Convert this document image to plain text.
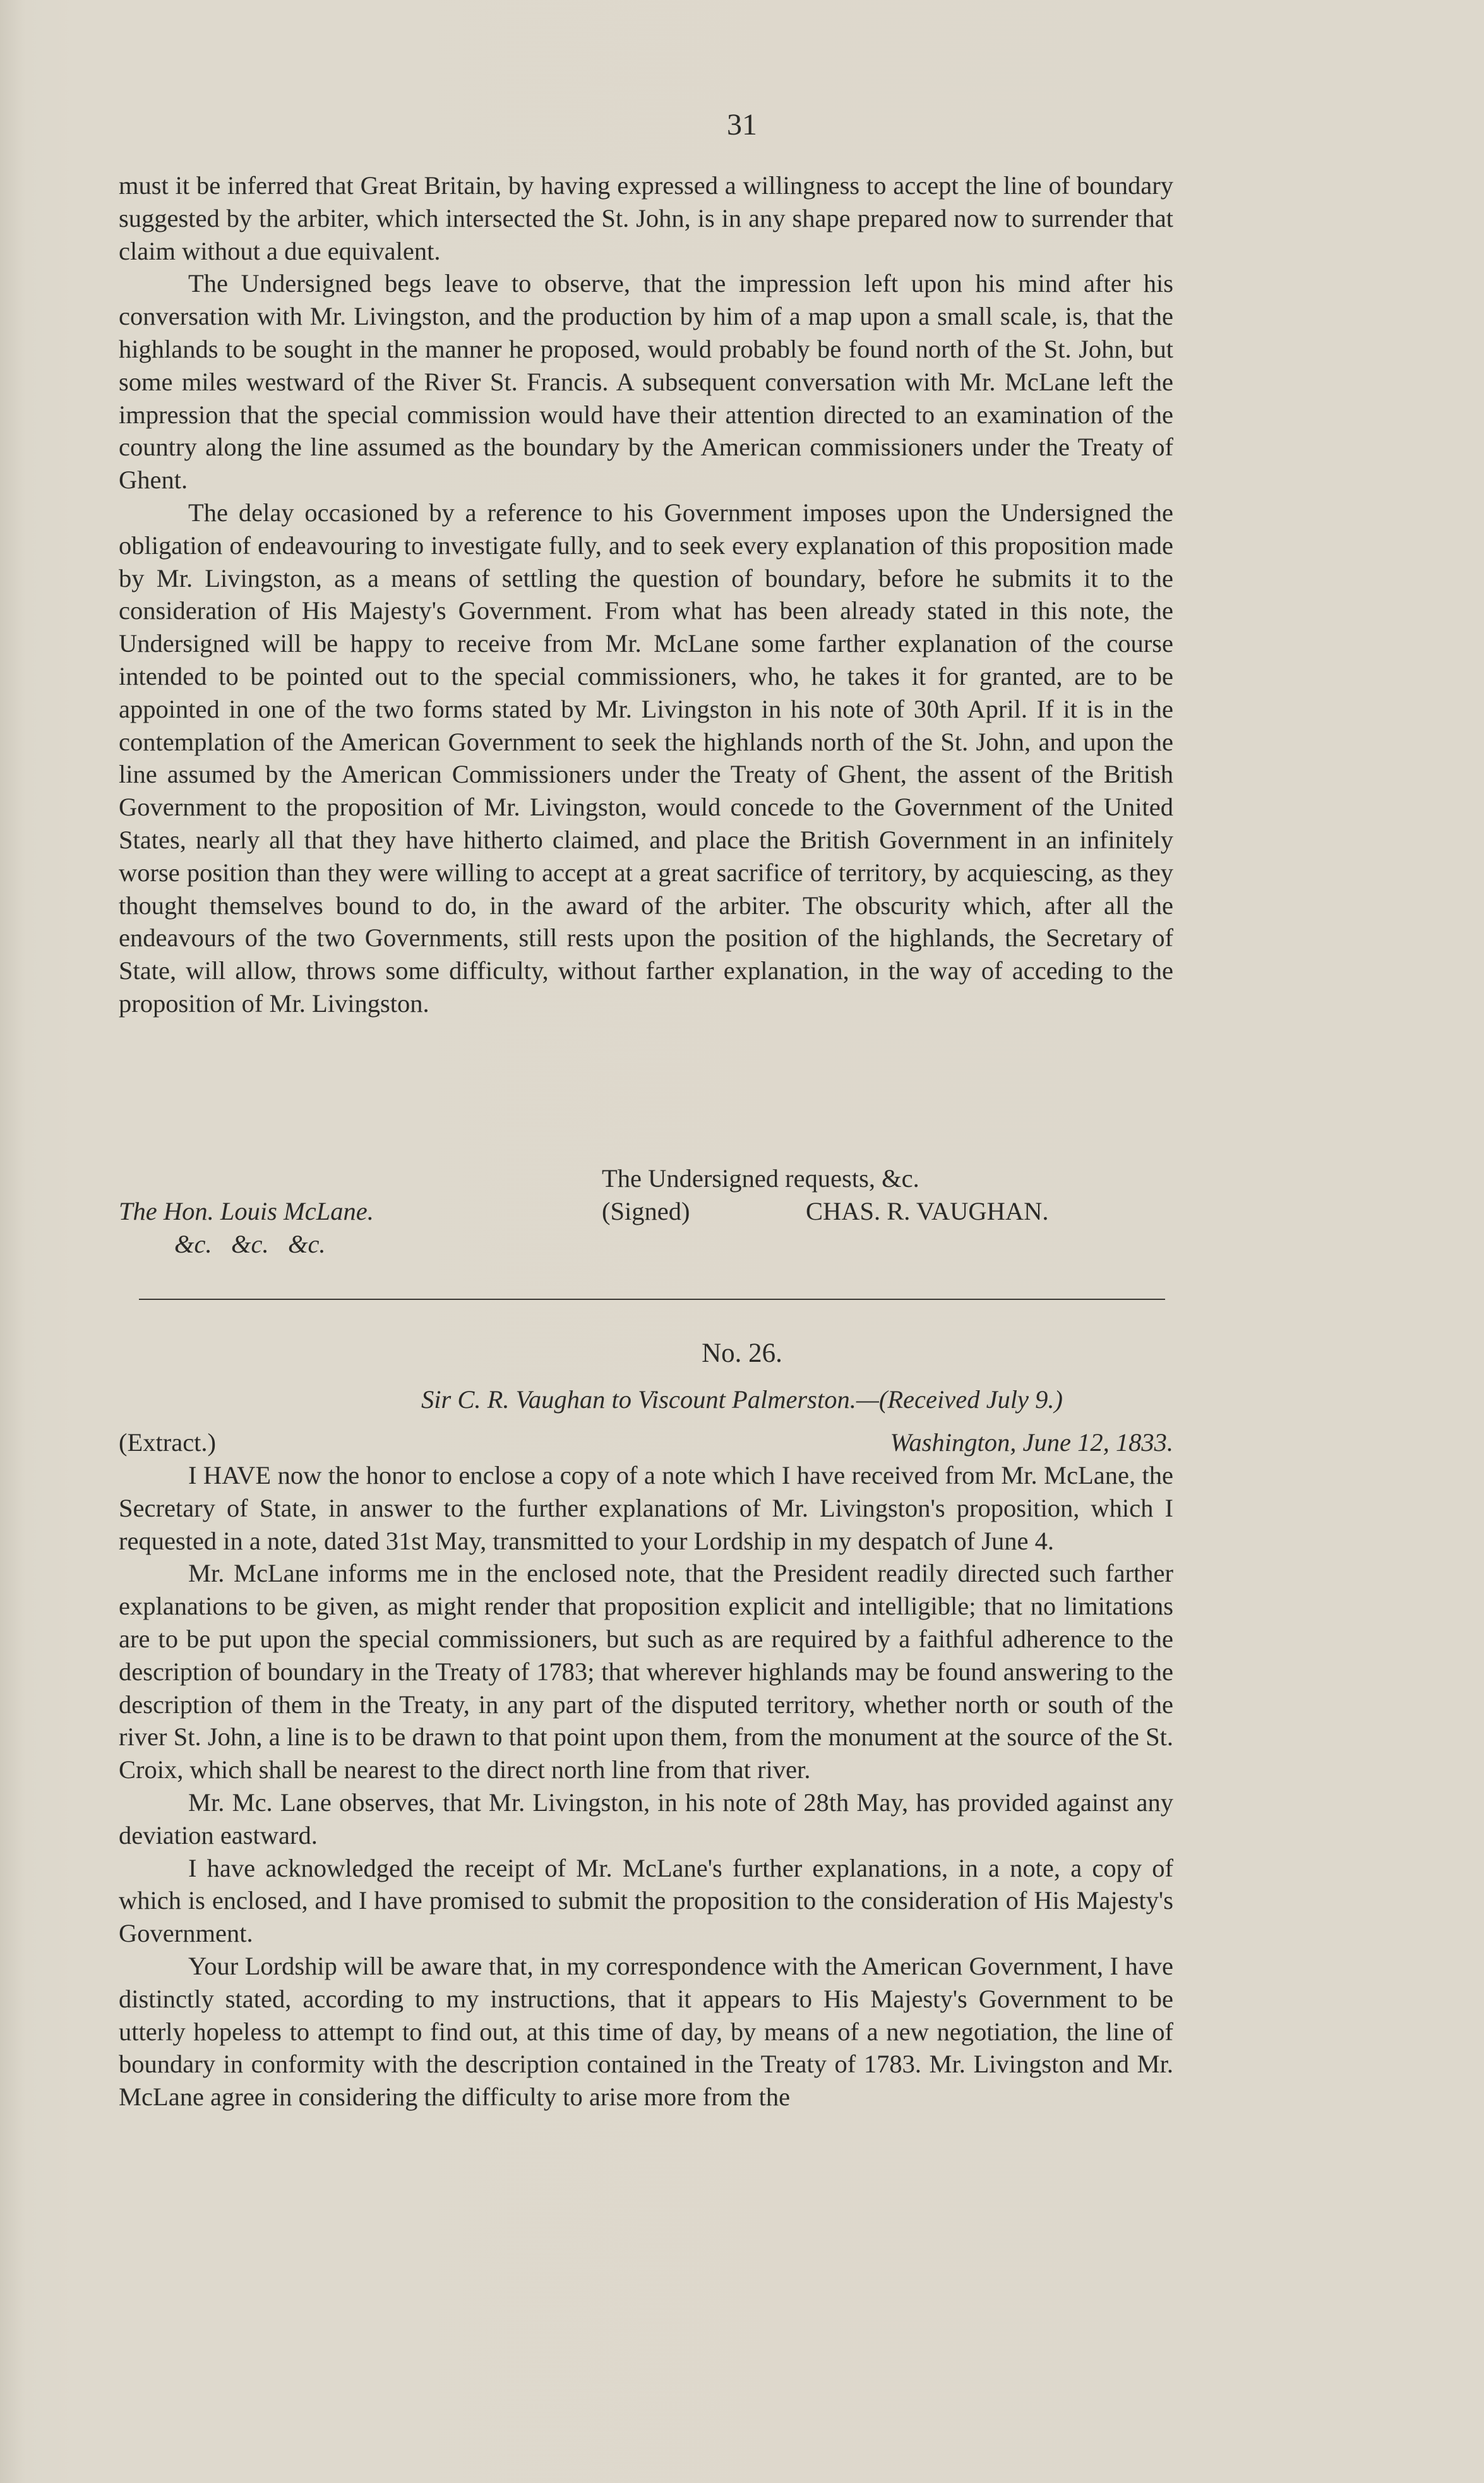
31

must it be inferred that Great Britain, by having expressed a willingness to accept the line of boundary suggested by the arbiter, which intersected the St. John, is in any shape prepared now to surrender that claim without a due equivalent.

The Undersigned begs leave to observe, that the impression left upon his mind after his conversation with Mr. Livingston, and the production by him of a map upon a small scale, is, that the highlands to be sought in the manner he proposed, would probably be found north of the St. John, but some miles westward of the River St. Francis. A subsequent conversation with Mr. McLane left the impression that the special commission would have their attention directed to an examination of the country along the line assumed as the boundary by the American commissioners under the Treaty of Ghent.

The delay occasioned by a reference to his Government imposes upon the Undersigned the obligation of endeavouring to investigate fully, and to seek every explanation of this proposition made by Mr. Livingston, as a means of settling the question of boundary, before he submits it to the consideration of His Majesty's Government. From what has been already stated in this note, the Undersigned will be happy to receive from Mr. McLane some farther explanation of the course intended to be pointed out to the special commissioners, who, he takes it for granted, are to be appointed in one of the two forms stated by Mr. Livingston in his note of 30th April. If it is in the contemplation of the American Government to seek the highlands north of the St. John, and upon the line assumed by the American Commissioners under the Treaty of Ghent, the assent of the British Government to the proposition of Mr. Livingston, would concede to the Government of the United States, nearly all that they have hitherto claimed, and place the British Government in an infinitely worse position than they were willing to accept at a great sacrifice of territory, by acquiescing, as they thought themselves bound to do, in the award of the arbiter. The obscurity which, after all the endeavours of the two Governments, still rests upon the position of the highlands, the Secretary of State, will allow, throws some difficulty, without farther explanation, in the way of acceding to the proposition of Mr. Livingston.

The Undersigned requests, &c.
The Hon. Louis McLane.	(Signed)	CHAS. R. VAUGHAN.
&c.   &c.   &c.
No. 26.
Sir C. R. Vaughan to Viscount Palmerston.—(Received July 9.)
(Extract.)	Washington, June 12, 1833.

I HAVE now the honor to enclose a copy of a note which I have received from Mr. McLane, the Secretary of State, in answer to the further explanations of Mr. Livingston's proposition, which I requested in a note, dated 31st May, transmitted to your Lordship in my despatch of June 4.

Mr. McLane informs me in the enclosed note, that the President readily directed such farther explanations to be given, as might render that proposition explicit and intelligible; that no limitations are to be put upon the special commissioners, but such as are required by a faithful adherence to the description of boundary in the Treaty of 1783; that wherever highlands may be found answering to the description of them in the Treaty, in any part of the disputed territory, whether north or south of the river St. John, a line is to be drawn to that point upon them, from the monument at the source of the St. Croix, which shall be nearest to the direct north line from that river.

Mr. Mc. Lane observes, that Mr. Livingston, in his note of 28th May, has provided against any deviation eastward.

I have acknowledged the receipt of Mr. McLane's further explanations, in a note, a copy of which is enclosed, and I have promised to submit the proposition to the consideration of His Majesty's Government.

Your Lordship will be aware that, in my correspondence with the American Government, I have distinctly stated, according to my instructions, that it appears to His Majesty's Government to be utterly hopeless to attempt to find out, at this time of day, by means of a new negotiation, the line of boundary in conformity with the description contained in the Treaty of 1783. Mr. Livingston and Mr. McLane agree in considering the difficulty to arise more from the
